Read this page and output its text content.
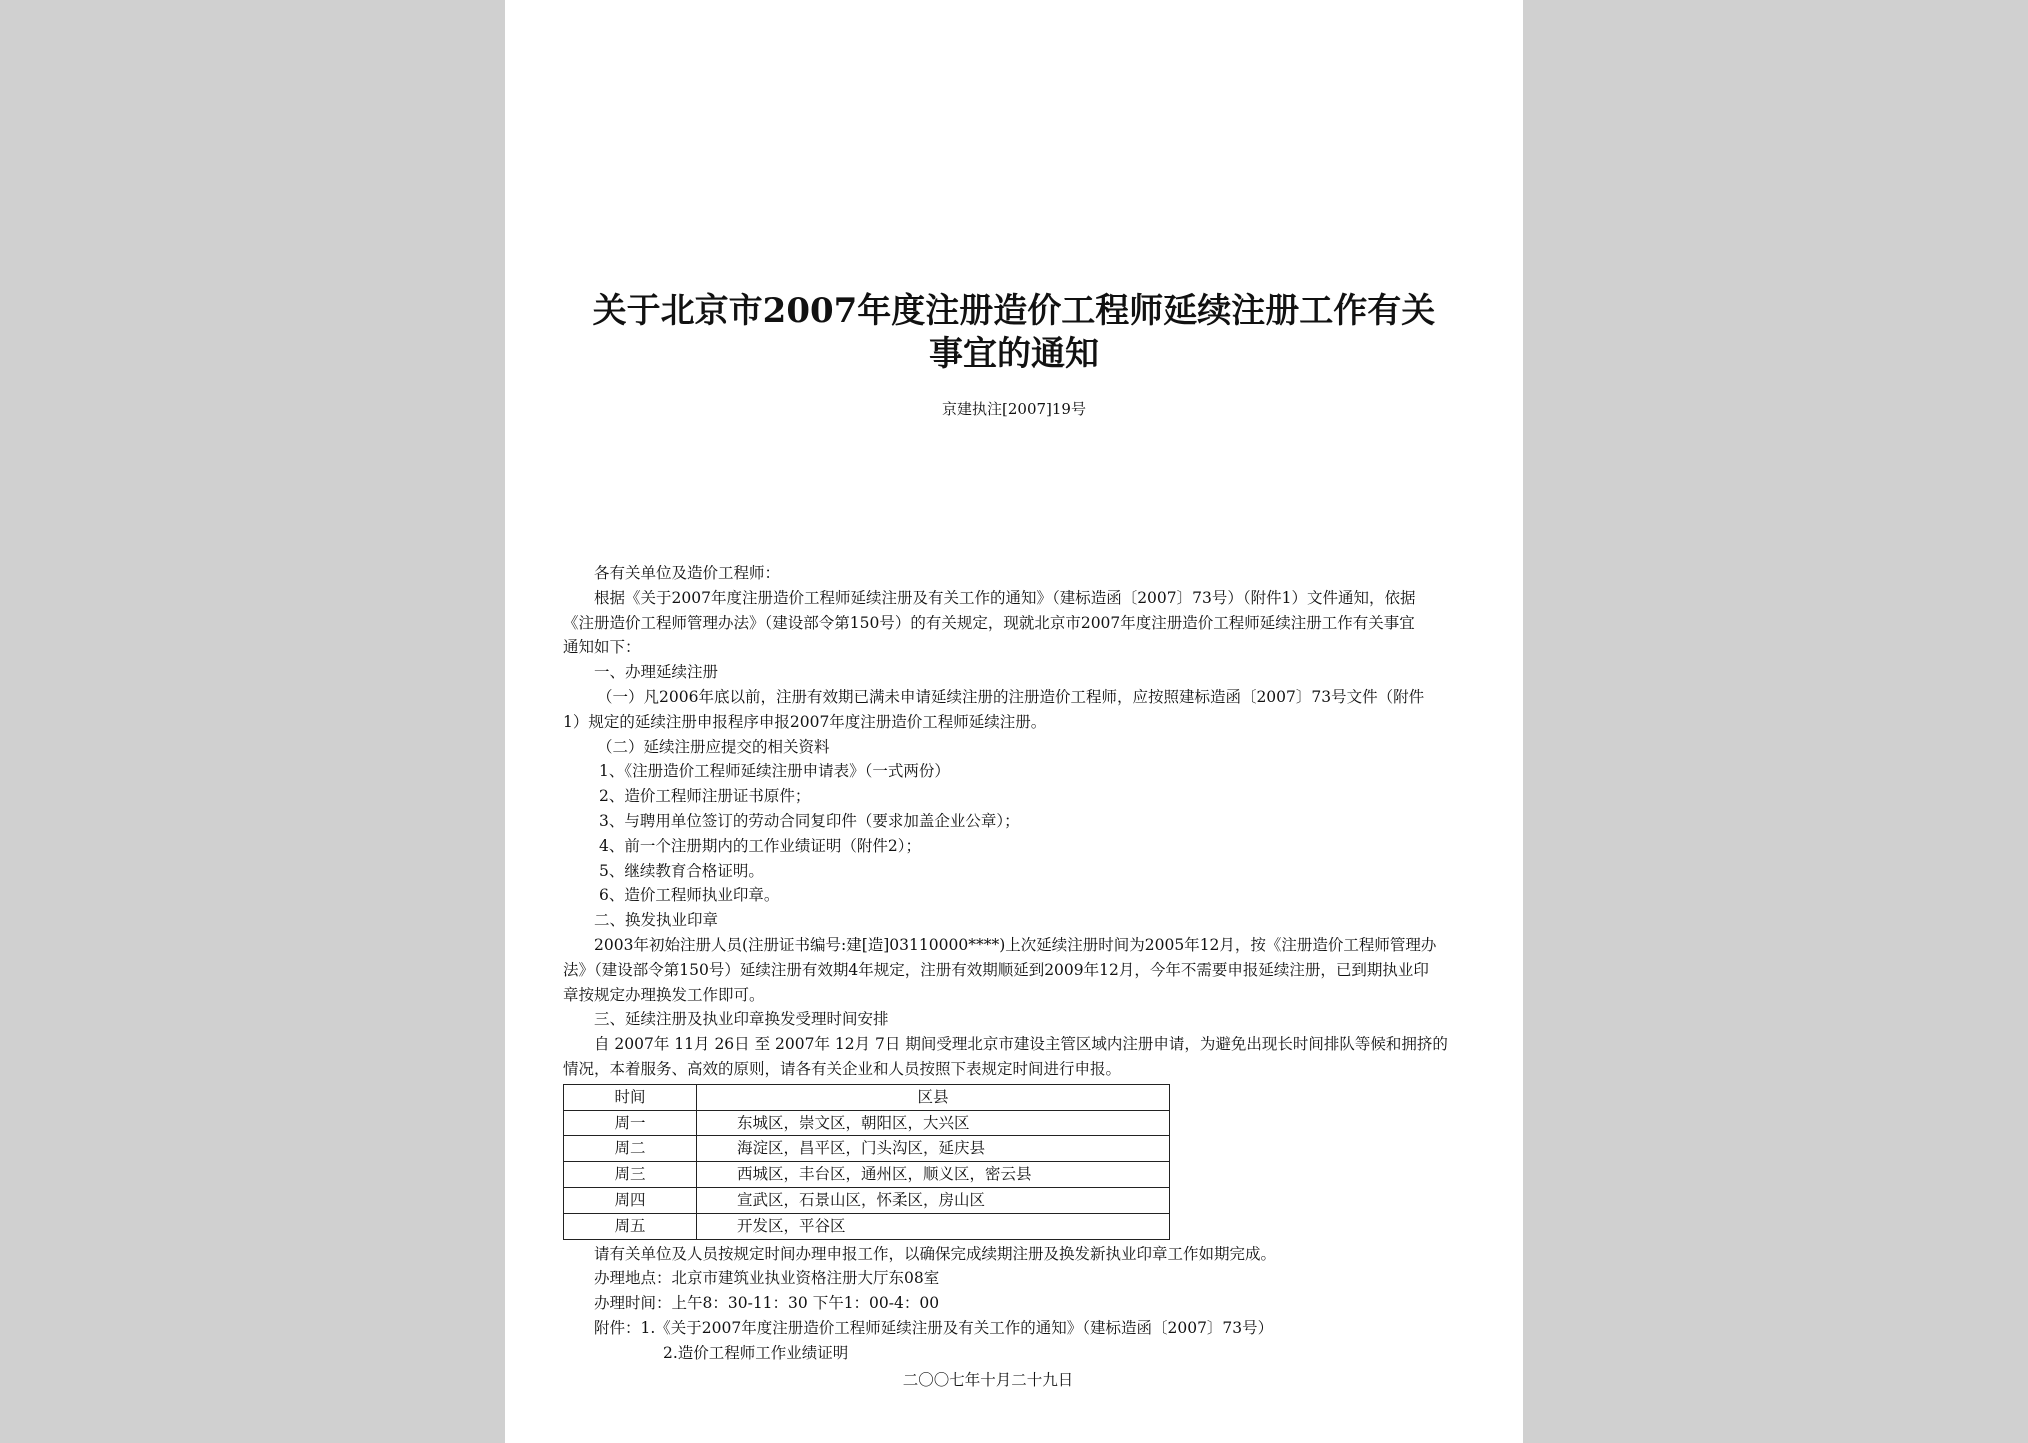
关于北京市2007年度注册造价工程师延续注册工作有关
事宜的通知
京建执注[2007]19号

各有关单位及造价工程师：

根据《关于2007年度注册造价工程师延续注册及有关工作的通知》（建标造函〔2007〕73号）（附件1）文件通知，依据

《注册造价工程师管理办法》（建设部令第150号）的有关规定，现就北京市2007年度注册造价工程师延续注册工作有关事宜

通知如下：

一、办理延续注册

（一）凡2006年底以前，注册有效期已满未申请延续注册的注册造价工程师，应按照建标造函〔2007〕73号文件（附件

1）规定的延续注册申报程序申报2007年度注册造价工程师延续注册。

（二）延续注册应提交的相关资料

1、《注册造价工程师延续注册申请表》（一式两份）

2、造价工程师注册证书原件；

3、与聘用单位签订的劳动合同复印件（要求加盖企业公章）；

4、前一个注册期内的工作业绩证明（附件2）；

5、继续教育合格证明。

6、造价工程师执业印章。

二、换发执业印章

2003年初始注册人员(注册证书编号:建[造]03110000****)上次延续注册时间为2005年12月，按《注册造价工程师管理办

法》（建设部令第150号）延续注册有效期4年规定，注册有效期顺延到2009年12月，今年不需要申报延续注册，已到期执业印

章按规定办理换发工作即可。

三、延续注册及执业印章换发受理时间安排

自 2007年 11月 26日 至 2007年 12月 7日 期间受理北京市建设主管区域内注册申请，为避免出现长时间排队等候和拥挤的

情况，本着服务、高效的原则，请各有关企业和人员按照下表规定时间进行申报。

时间	区县
周一	东城区，崇文区，朝阳区，大兴区
周二	海淀区，昌平区，门头沟区，延庆县
周三	西城区，丰台区，通州区，顺义区，密云县
周四	宣武区，石景山区，怀柔区，房山区
周五	开发区，平谷区

请有关单位及人员按规定时间办理申报工作，以确保完成续期注册及换发新执业印章工作如期完成。

办理地点：北京市建筑业执业资格注册大厅东08室

办理时间：上午8：30-11：30 下午1：00-4：00

附件：1.《关于2007年度注册造价工程师延续注册及有关工作的通知》（建标造函〔2007〕73号）

2.造价工程师工作业绩证明

二〇〇七年十月二十九日
